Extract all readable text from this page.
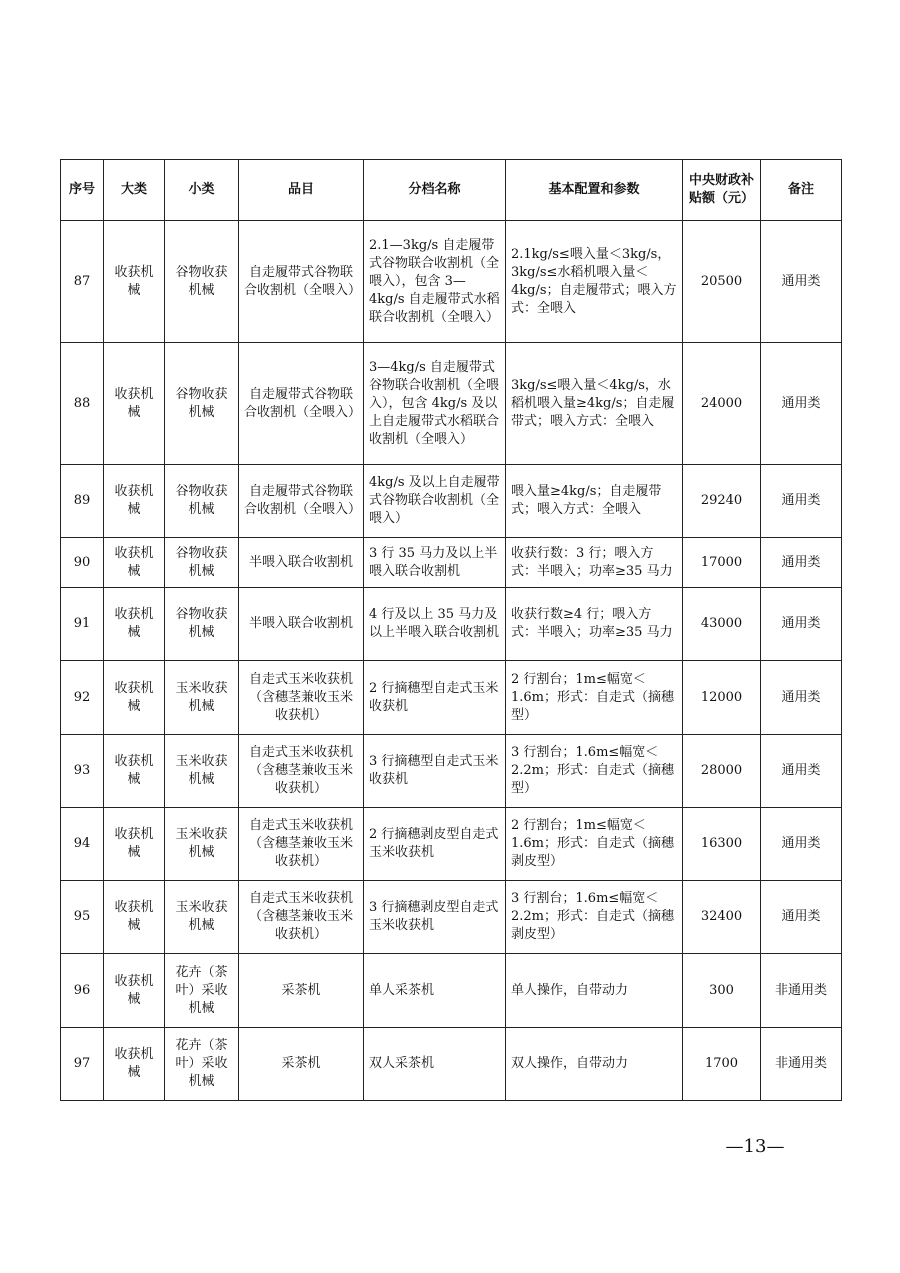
序号	大类	小类	品目	分档名称	基本配置和参数	中央财政补贴额（元）	备注
87	收获机械	谷物收获机械	自走履带式谷物联合收割机（全喂入）	2.1—3kg/s 自走履带式谷物联合收割机（全喂入），包含 3—4kg/s 自走履带式水稻联合收割机（全喂入）	2.1kg/s≤喂入量＜3kg/s，3kg/s≤水稻机喂入量＜4kg/s；自走履带式；喂入方式：全喂入	20500	通用类
88	收获机械	谷物收获机械	自走履带式谷物联合收割机（全喂入）	3—4kg/s 自走履带式谷物联合收割机（全喂入），包含 4kg/s 及以上自走履带式水稻联合收割机（全喂入）	3kg/s≤喂入量＜4kg/s，水稻机喂入量≥4kg/s；自走履带式；喂入方式：全喂入	24000	通用类
89	收获机械	谷物收获机械	自走履带式谷物联合收割机（全喂入）	4kg/s 及以上自走履带式谷物联合收割机（全喂入）	喂入量≥4kg/s；自走履带式；喂入方式：全喂入	29240	通用类
90	收获机械	谷物收获机械	半喂入联合收割机	3 行 35 马力及以上半喂入联合收割机	收获行数：3 行；喂入方式：半喂入；功率≥35 马力	17000	通用类
91	收获机械	谷物收获机械	半喂入联合收割机	4 行及以上 35 马力及以上半喂入联合收割机	收获行数≥4 行；喂入方式：半喂入；功率≥35 马力	43000	通用类
92	收获机械	玉米收获机械	自走式玉米收获机（含穗茎兼收玉米收获机）	2 行摘穗型自走式玉米收获机	2 行割台；1m≤幅宽＜1.6m；形式：自走式（摘穗型）	12000	通用类
93	收获机械	玉米收获机械	自走式玉米收获机（含穗茎兼收玉米收获机）	3 行摘穗型自走式玉米收获机	3 行割台；1.6m≤幅宽＜2.2m；形式：自走式（摘穗型）	28000	通用类
94	收获机械	玉米收获机械	自走式玉米收获机（含穗茎兼收玉米收获机）	2 行摘穗剥皮型自走式玉米收获机	2 行割台；1m≤幅宽＜1.6m；形式：自走式（摘穗剥皮型）	16300	通用类
95	收获机械	玉米收获机械	自走式玉米收获机（含穗茎兼收玉米收获机）	3 行摘穗剥皮型自走式玉米收获机	3 行割台；1.6m≤幅宽＜2.2m；形式：自走式（摘穗剥皮型）	32400	通用类
96	收获机械	花卉（茶叶）采收机械	采茶机	单人采茶机	单人操作，自带动力	300	非通用类
97	收获机械	花卉（茶叶）采收机械	采茶机	双人采茶机	双人操作，自带动力	1700	非通用类
—13—
